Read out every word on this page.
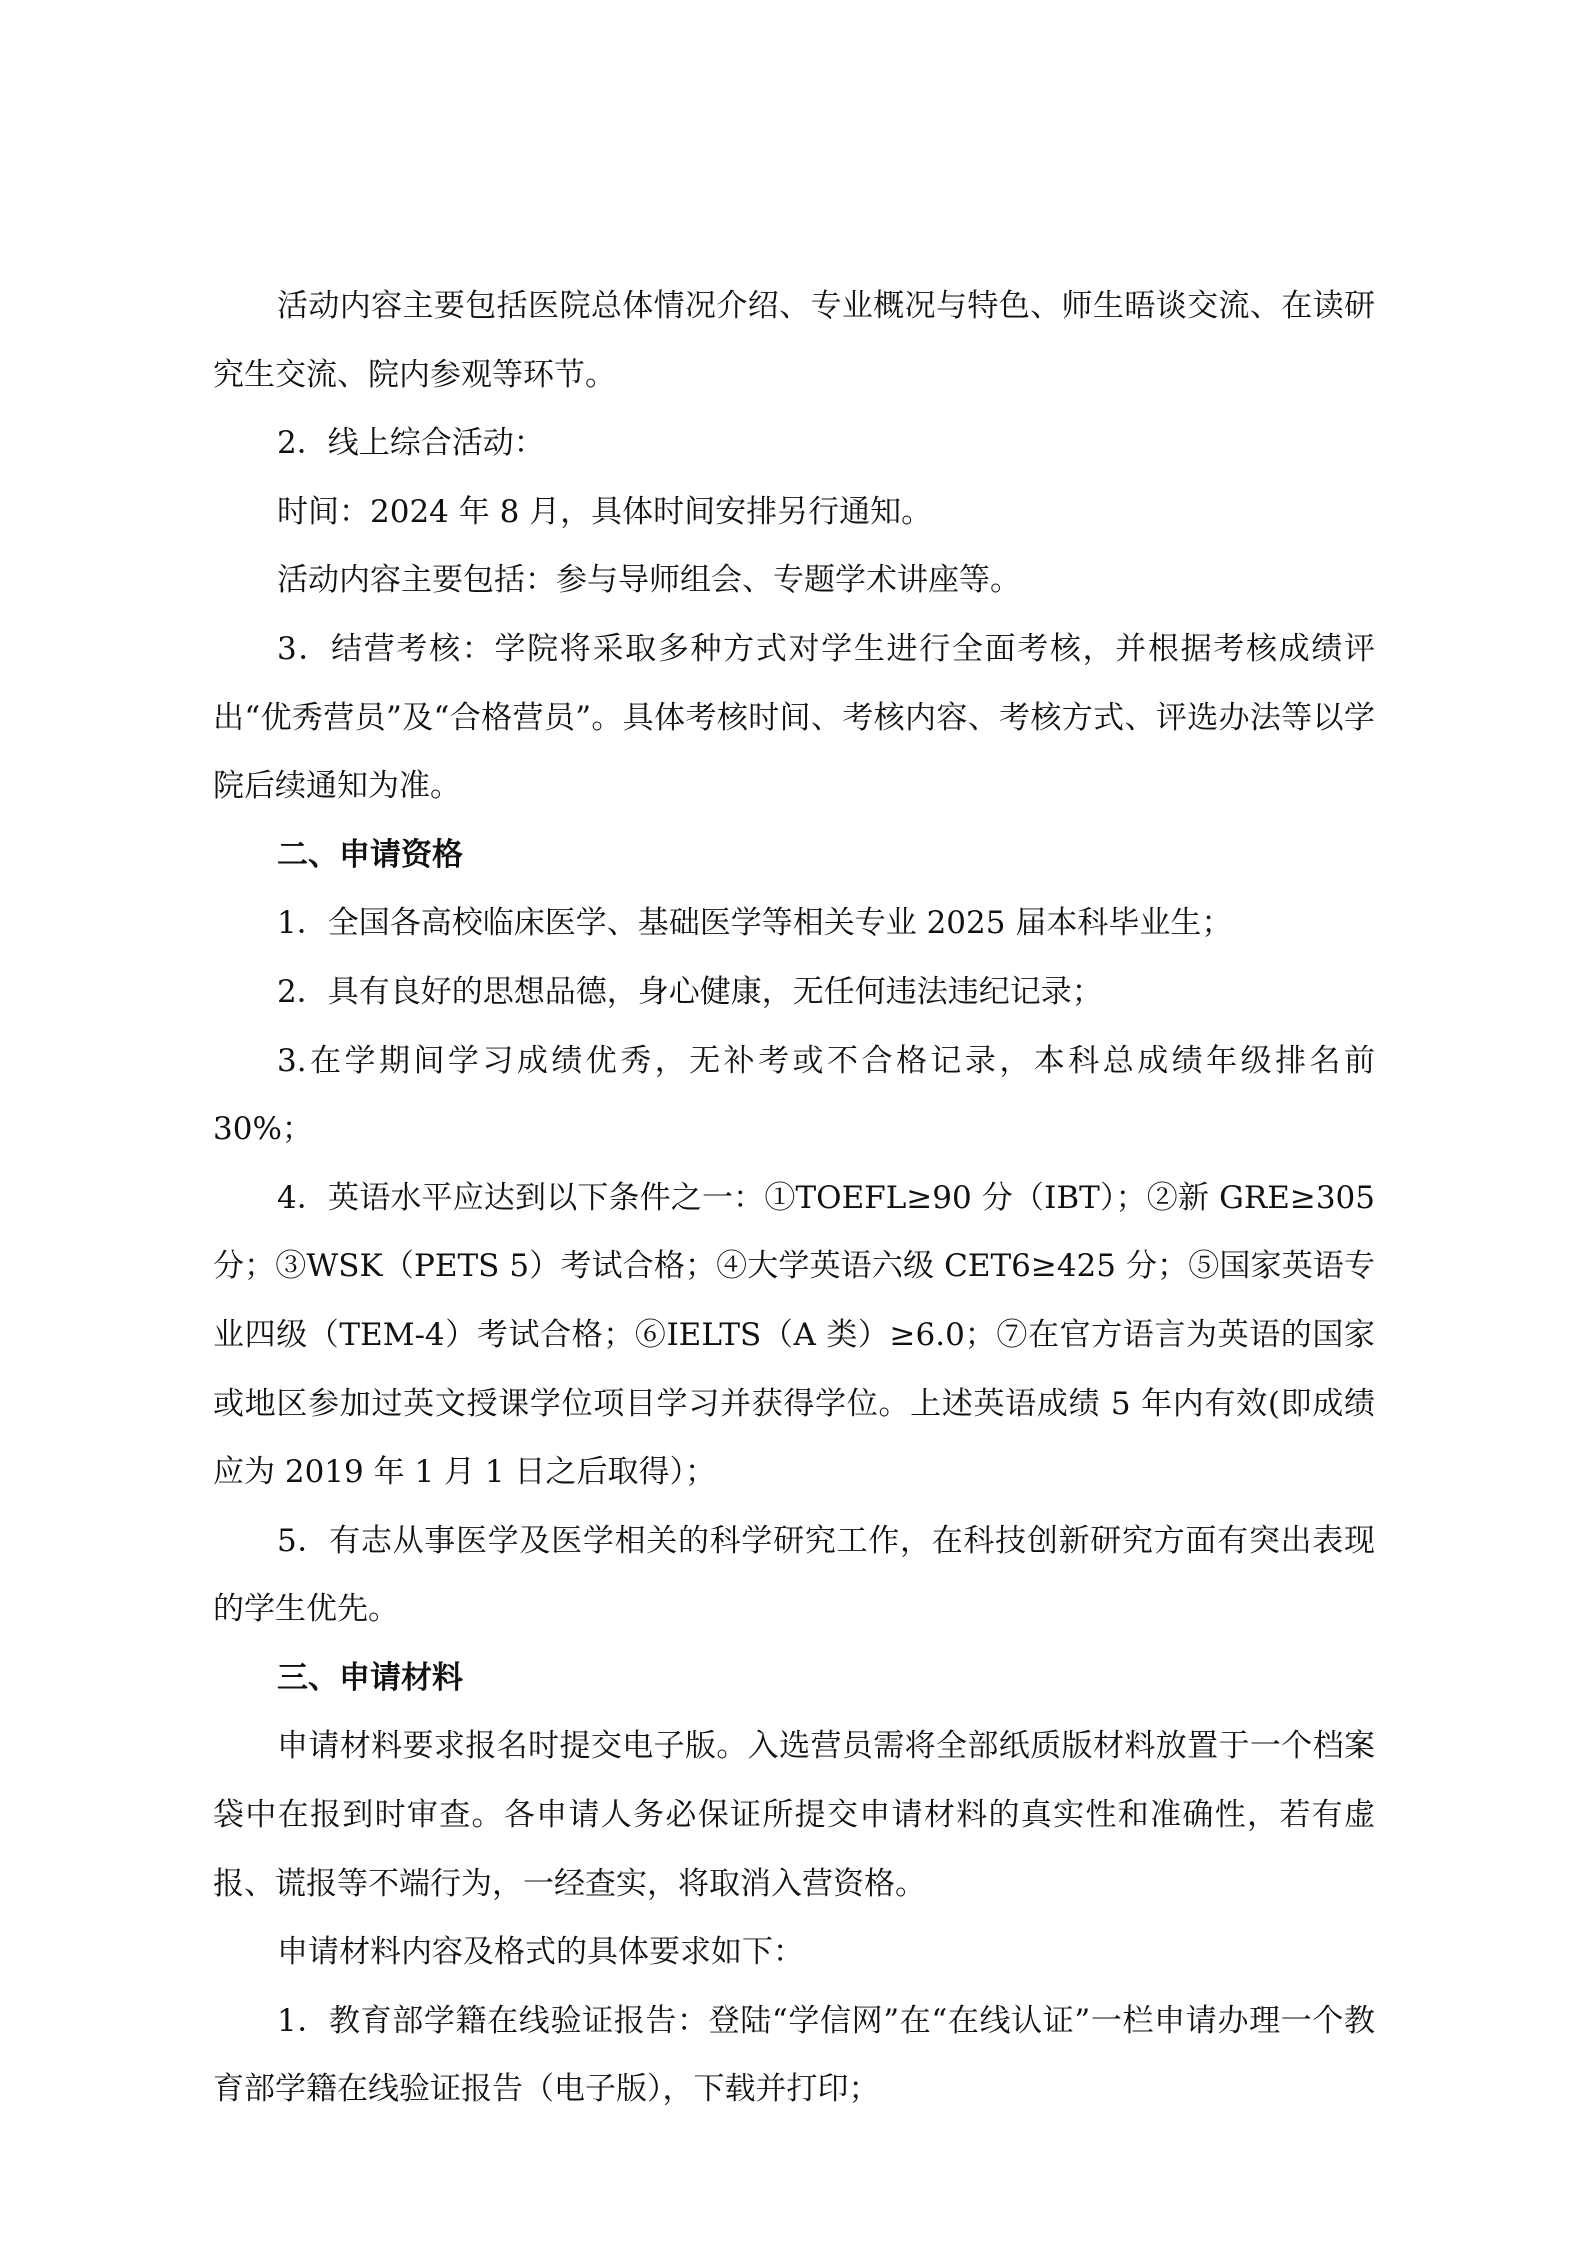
活动内容主要包括医院总体情况介绍、专业概况与特色、师生晤谈交流、在读研究生交流、院内参观等环节。

2．线上综合活动：

时间：2024 年 8 月，具体时间安排另行通知。

活动内容主要包括：参与导师组会、专题学术讲座等。

3．结营考核：学院将采取多种方式对学生进行全面考核，并根据考核成绩评出“优秀营员”及“合格营员”。具体考核时间、考核内容、考核方式、评选办法等以学院后续通知为准。

二、申请资格

1．全国各高校临床医学、基础医学等相关专业 2025 届本科毕业生；

2．具有良好的思想品德，身心健康，无任何违法违纪记录；

3.在学期间学习成绩优秀，无补考或不合格记录，本科总成绩年级排名前 30%；

4．英语水平应达到以下条件之一：①TOEFL≥90 分（IBT）；②新 GRE≥305 分；③WSK（PETS 5）考试合格；④大学英语六级 CET6≥425 分；⑤国家英语专业四级（TEM-4）考试合格；⑥IELTS（A 类）≥6.0；⑦在官方语言为英语的国家或地区参加过英文授课学位项目学习并获得学位。上述英语成绩 5 年内有效(即成绩应为 2019 年 1 月 1 日之后取得）；

5．有志从事医学及医学相关的科学研究工作，在科技创新研究方面有突出表现的学生优先。

三、申请材料

申请材料要求报名时提交电子版。入选营员需将全部纸质版材料放置于一个档案袋中在报到时审查。各申请人务必保证所提交申请材料的真实性和准确性，若有虚报、谎报等不端行为，一经查实，将取消入营资格。

申请材料内容及格式的具体要求如下：

1．教育部学籍在线验证报告：登陆“学信网”在“在线认证”一栏申请办理一个教育部学籍在线验证报告（电子版），下载并打印；
